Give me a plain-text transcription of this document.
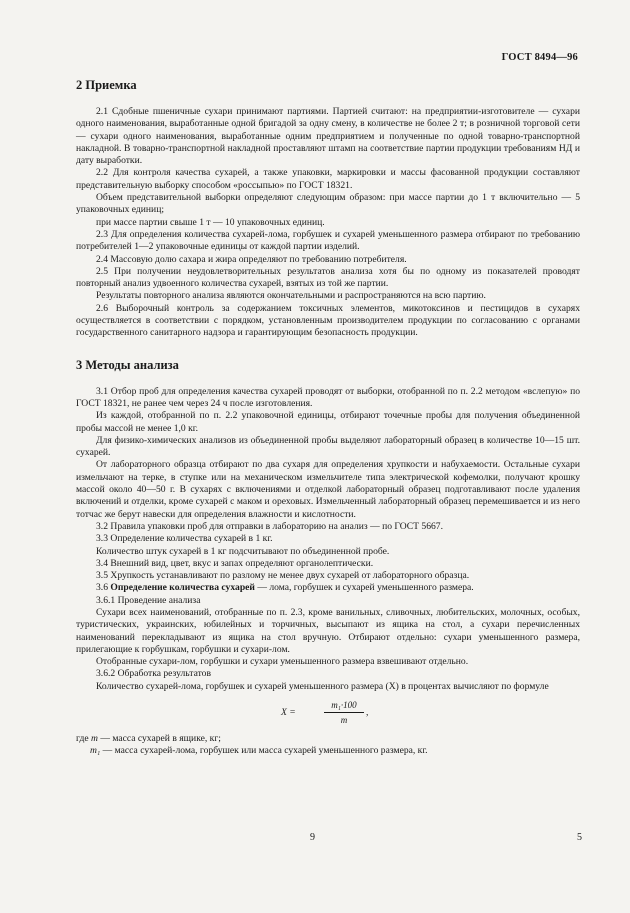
ГОСТ 8494—96
2 Приемка

2.1 Сдобные пшеничные сухари принимают партиями. Партией считают: на предприятии-изготовителе — сухари одного наименования, выработанные одной бригадой за одну смену, в количестве не более 2 т; в розничной торговой сети — сухари одного наименования, выработанные одним предприятием и полученные по одной товарно-транспортной накладной. В товарно-транспортной накладной проставляют штамп на соответствие партии продукции требованиям НД и дату выработки.

2.2 Для контроля качества сухарей, а также упаковки, маркировки и массы фасованной продукции составляют представительную выборку способом «россыпью» по ГОСТ 18321.

Объем представительной выборки определяют следующим образом: при массе партии до 1 т включительно — 5 упаковочных единиц;

при массе партии свыше 1 т — 10 упаковочных единиц.

2.3 Для определения количества сухарей-лома, горбушек и сухарей уменьшенного размера отбирают по требованию потребителей 1—2 упаковочные единицы от каждой партии изделий.

2.4 Массовую долю сахара и жира определяют по требованию потребителя.

2.5 При получении неудовлетворительных результатов анализа хотя бы по одному из показателей проводят повторный анализ удвоенного количества сухарей, взятых из той же партии.

Результаты повторного анализа являются окончательными и распространяются на всю партию.

2.6 Выборочный контроль за содержанием токсичных элементов, микотоксинов и пестицидов в сухарях осуществляется в соответствии с порядком, установленным производителем продукции по согласованию с органами государственного санитарного надзора и гарантирующим безопасность продукции.

3 Методы анализа

3.1 Отбор проб для определения качества сухарей проводят от выборки, отобранной по п. 2.2 методом «вслепую» по ГОСТ 18321, не ранее чем через 24 ч после изготовления.

Из каждой, отобранной по п. 2.2 упаковочной единицы, отбирают точечные пробы для получения объединенной пробы массой не менее 1,0 кг.

Для физико-химических анализов из объединенной пробы выделяют лабораторный образец в количестве 10—15 шт. сухарей.

От лабораторного образца отбирают по два сухаря для определения хрупкости и набухаемости. Остальные сухари измельчают на терке, в ступке или на механическом измельчителе типа электрической кофемолки, получают крошку массой около 40—50 г. В сухарях с включениями и отделкой лабораторный образец подготавливают после удаления включений и отделки, кроме сухарей с маком и ореховых. Измельченный лабораторный образец перемешивается и из него тотчас же берут навески для определения влажности и кислотности.

3.2 Правила упаковки проб для отправки в лабораторию на анализ — по ГОСТ 5667.

3.3 Определение количества сухарей в 1 кг.

Количество штук сухарей в 1 кг подсчитывают по объединенной пробе.

3.4 Внешний вид, цвет, вкус и запах определяют органолептически.

3.5 Хрупкость устанавливают по разлому не менее двух сухарей от лабораторного образца.

3.6 Определение количества сухарей — лома, горбушек и сухарей уменьшенного размера.

3.6.1 Проведение анализа

Сухари всех наименований, отобранные по п. 2.3, кроме ванильных, сливочных, любительских, молочных, особых, туристических, украинских, юбилейных и торчичных, высыпают из ящика на стол, а сухари перечисленных наименований перекладывают из ящика на стол вручную. Отбирают отдельно: сухари уменьшенного размера, прилегающие к горбушкам, горбушки и сухари-лом.

Отобранные сухари-лом, горбушки и сухари уменьшенного размера взвешивают отдельно.

3.6.2 Обработка результатов

Количество сухарей-лома, горбушек и сухарей уменьшенного размера (X) в процентах вычисляют по формуле

X =	$\frac{\text{m₁·100}}{m}$ ,

где m — масса сухарей в ящике, кг;

m₁ — масса сухарей-лома, горбушек или масса сухарей уменьшенного размера, кг.

9	5
